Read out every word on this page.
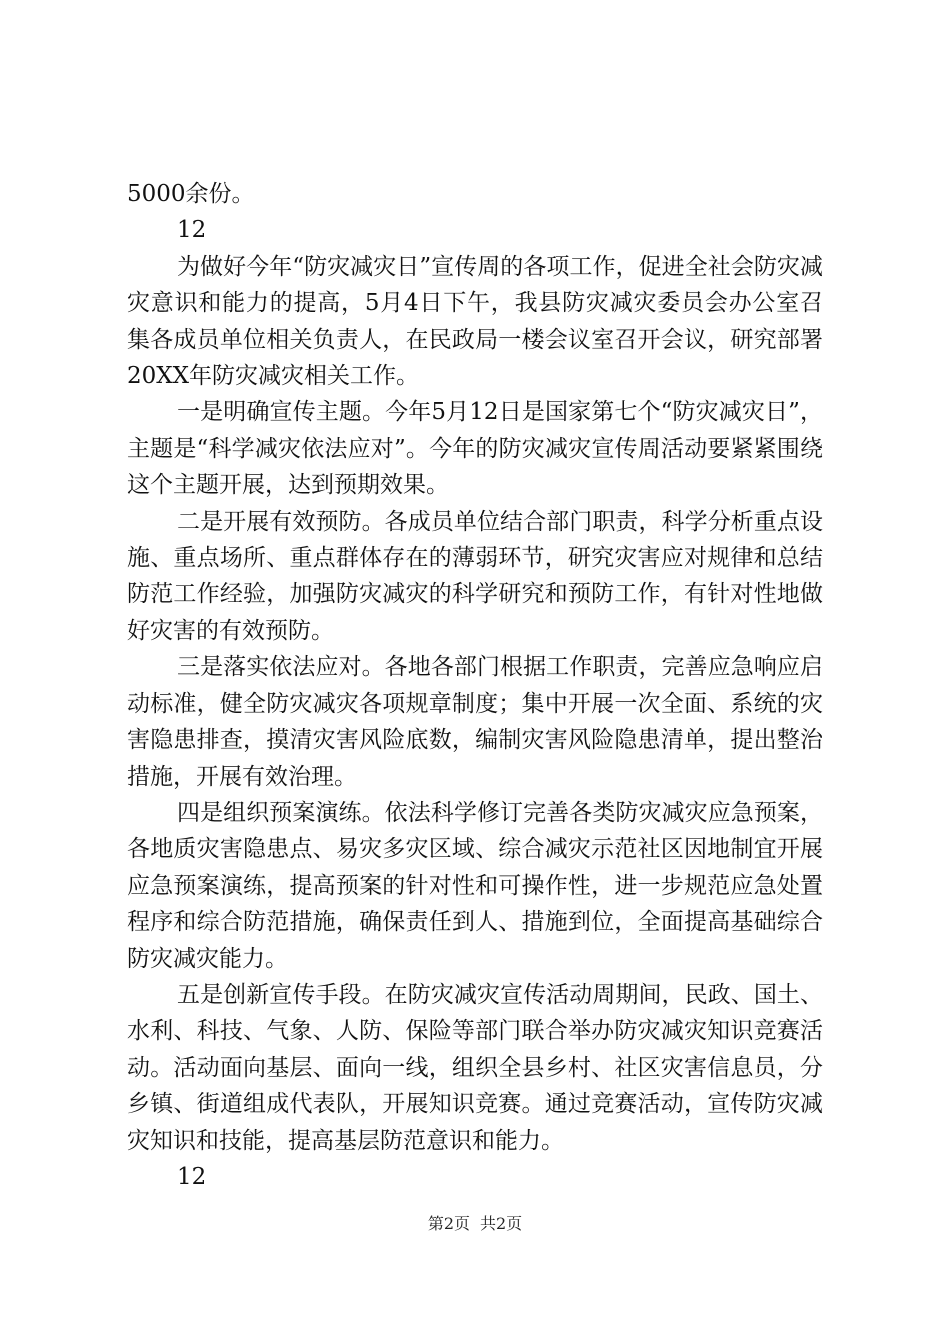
5000余份。

12

为做好今年“防灾减灾日”宣传周的各项工作，促进全社会防灾减灾意识和能力的提高，5月4日下午，我县防灾减灾委员会办公室召集各成员单位相关负责人，在民政局一楼会议室召开会议，研究部署20XX年防灾减灾相关工作。

一是明确宣传主题。今年5月12日是国家第七个“防灾减灾日”，主题是“科学减灾依法应对”。今年的防灾减灾宣传周活动要紧紧围绕这个主题开展，达到预期效果。

二是开展有效预防。各成员单位结合部门职责，科学分析重点设施、重点场所、重点群体存在的薄弱环节，研究灾害应对规律和总结防范工作经验，加强防灾减灾的科学研究和预防工作，有针对性地做好灾害的有效预防。

三是落实依法应对。各地各部门根据工作职责，完善应急响应启动标准，健全防灾减灾各项规章制度；集中开展一次全面、系统的灾害隐患排查，摸清灾害风险底数，编制灾害风险隐患清单，提出整治措施，开展有效治理。

四是组织预案演练。依法科学修订完善各类防灾减灾应急预案，各地质灾害隐患点、易灾多灾区域、综合减灾示范社区因地制宜开展应急预案演练，提高预案的针对性和可操作性，进一步规范应急处置程序和综合防范措施，确保责任到人、措施到位，全面提高基础综合防灾减灾能力。

五是创新宣传手段。在防灾减灾宣传活动周期间，民政、国土、水利、科技、气象、人防、保险等部门联合举办防灾减灾知识竞赛活动。活动面向基层、面向一线，组织全县乡村、社区灾害信息员，分乡镇、街道组成代表队，开展知识竞赛。通过竞赛活动，宣传防灾减灾知识和技能，提高基层防范意识和能力。

12

第2页 共2页
